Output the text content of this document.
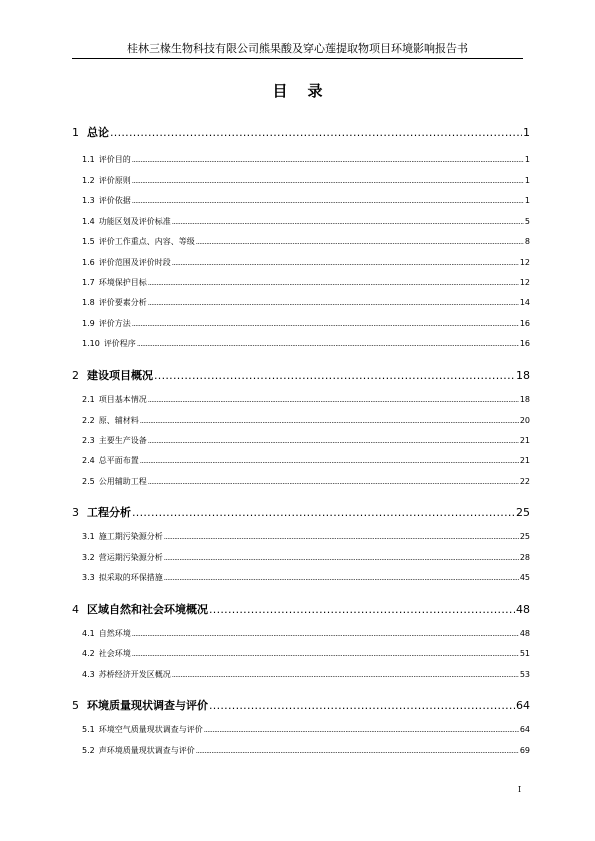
桂林三椽生物科技有限公司熊果酸及穿心莲提取物项目环境影响报告书
目 录
1 总论 .....	1
1.1 评价目的 .....	1
1.2 评价原则 .....	1
1.3 评价依据 .....	1
1.4 功能区划及评价标准 .....	5
1.5 评价工作重点、内容、等级 .....	8
1.6 评价范围及评价时段 .....	12
1.7 环境保护目标 .....	12
1.8 评价要素分析 .....	14
1.9 评价方法 .....	16
1.10 评价程序 .....	16
2 建设项目概况 .....	18
2.1 项目基本情况 .....	18
2.2 原、辅材料 .....	20
2.3 主要生产设备 .....	21
2.4 总平面布置 .....	21
2.5 公用辅助工程 .....	22
3 工程分析 .....	25
3.1 施工期污染源分析 .....	25
3.2 营运期污染源分析 .....	28
3.3 拟采取的环保措施 .....	45
4 区域自然和社会环境概况 .....	48
4.1 自然环境 .....	48
4.2 社会环境 .....	51
4.3 苏桥经济开发区概况 .....	53
5 环境质量现状调查与评价 .....	64
5.1 环境空气质量现状调查与评价 .....	64
5.2 声环境质量现状调查与评价 .....	69
I
